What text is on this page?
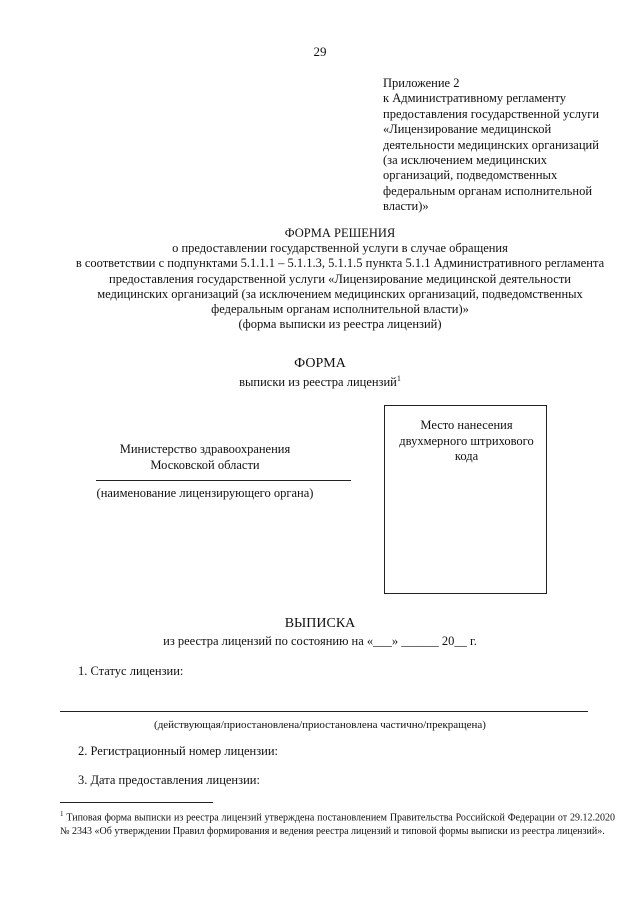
29
Приложение 2
к Административному регламенту
предоставления государственной услуги
«Лицензирование медицинской
деятельности медицинских организаций
(за исключением медицинских
организаций, подведомственных
федеральным органам исполнительной
власти)»
ФОРМА РЕШЕНИЯ
о предоставлении государственной услуги в случае обращения
в соответствии с подпунктами 5.1.1.1 – 5.1.1.3, 5.1.1.5 пункта 5.1.1 Административного регламента
предоставления государственной услуги «Лицензирование медицинской деятельности
медицинских организаций (за исключением медицинских организаций, подведомственных
федеральным органам исполнительной власти)»
(форма выписки из реестра лицензий)
ФОРМА
выписки из реестра лицензий$^1$
Место нанесения
двухмерного штрихового
кода
Министерство здравоохранения
Московской области
(наименование лицензирующего органа)
ВЫПИСКА
из реестра лицензий по состоянию на «___» ______ 20__ г.
1. Статус лицензии:
(действующая/приостановлена/приостановлена частично/прекращена)
2. Регистрационный номер лицензии:
3. Дата предоставления лицензии:
$^1$ Типовая форма выписки из реестра лицензий утверждена постановлением Правительства Российской Федерации от 29.12.2020 № 2343 «Об утверждении Правил формирования и ведения реестра лицензий и типовой формы выписки из реестра лицензий».
